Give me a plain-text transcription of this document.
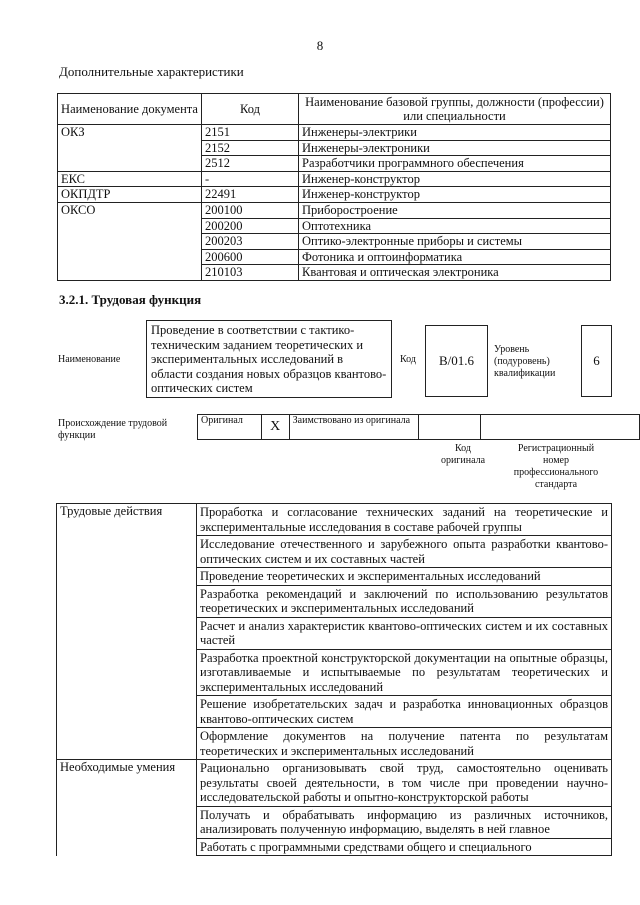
8
Дополнительные характеристики
Наименование документа	Код	Наименование базовой группы, должности (профессии) или специальности
ОКЗ	2151	Инженеры-электрики
	2152	Инженеры-электроники
	2512	Разработчики программного обеспечения
ЕКС	-	Инженер-конструктор
ОКПДТР	22491	Инженер-конструктор
ОКСО	200100	Приборостроение
	200200	Оптотехника
	200203	Оптико-электронные приборы и системы
	200600	Фотоника и оптоинформатика
	210103	Квантовая и оптическая электроника
3.2.1. Трудовая функция
Наименование
Проведение в соответствии с тактико-техническим заданием теоретических и экспериментальных исследований в области создания новых образцов квантово-оптических систем
Код	B/01.6
Уровень (подуровень) квалификации
6
Происхождение трудовой функции
Оригинал	X	Заимствовано из оригинала		
Код оригинала
Регистрационный номер профессионального стандарта
Трудовые действия	Проработка и согласование технических заданий на теоретические и экспериментальные исследования в составе рабочей группы
	Исследование отечественного и зарубежного опыта разработки квантово-оптических систем и их составных частей
	Проведение теоретических и экспериментальных исследований
	Разработка рекомендаций и заключений по использованию результатов теоретических и экспериментальных исследований
	Расчет и анализ характеристик квантово-оптических систем и их составных частей
	Разработка проектной конструкторской документации на опытные образцы, изготавливаемые и испытываемые по результатам теоретических и экспериментальных исследований
	Решение изобретательских задач и разработка инновационных образцов квантово-оптических систем
	Оформление документов на получение патента по результатам теоретических и экспериментальных исследований
Необходимые умения	Рационально организовывать свой труд, самостоятельно оценивать результаты своей деятельности, в том числе при проведении научно-исследовательской работы и опытно-конструкторской работы
	Получать и обрабатывать информацию из различных источников, анализировать полученную информацию, выделять в ней главное
	Работать с программными средствами общего и специального
